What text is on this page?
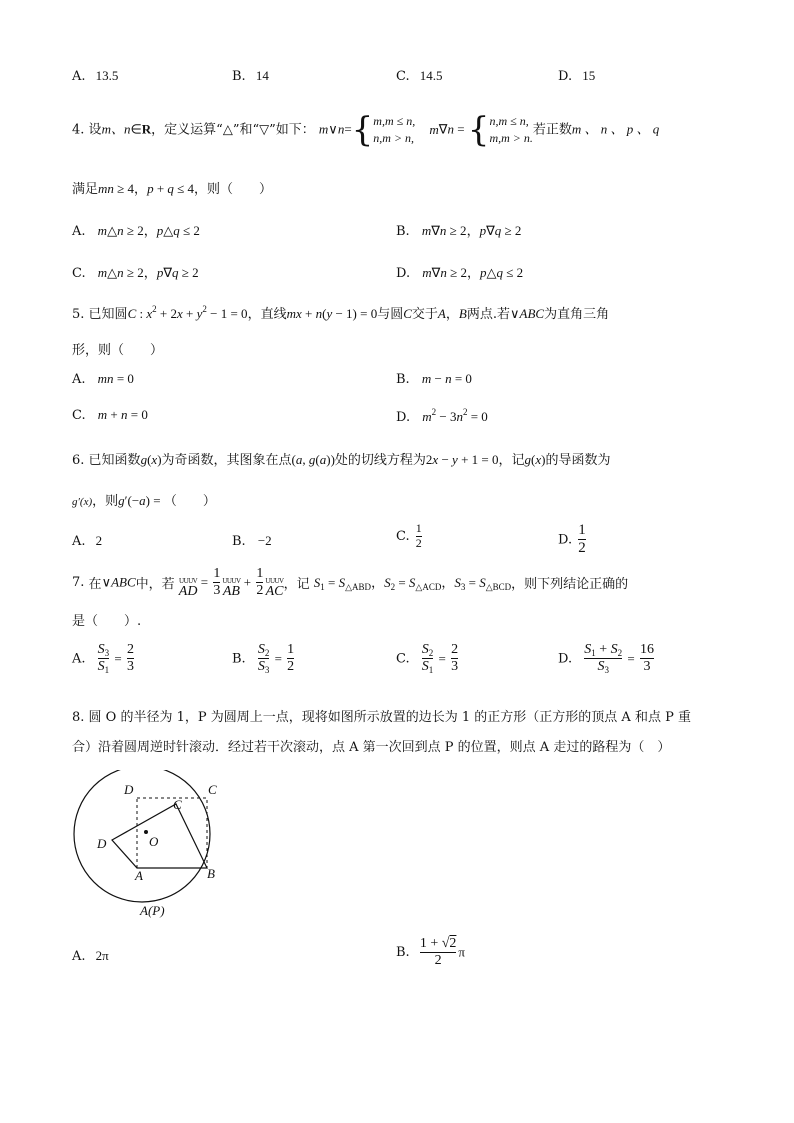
A. 13.5	B. 14	C. 14.5	D. 15
4. 设m、n∈R，定义运算“△”和“▽”如下： m∨n={ m,m ≤ n,
n,m > n,
m∇n = { n,m ≤ n,
m,m > n.
若正数m 、 n 、 p 、 q
满足mn ≥ 4，p + q ≤ 4，则（　　）
A. m△n ≥ 2，p△q ≤ 2	B. m∇n ≥ 2，p∇q ≥ 2
C. m△n ≥ 2，p∇q ≥ 2	D. m∇n ≥ 2，p△q ≤ 2
5. 已知圆C : $x^2 + 2x + y^2 - 1 = 0$，直线mx + n(y − 1) = 0与圆C交于A，B两点.若∨ABC为直角三角
形，则（　　）
A. mn = 0	B. m − n = 0
C. m + n = 0	D. $m^2 - 3n^2 = 0$
6. 已知函数g(x)为奇函数，其图象在点(a, g(a))处的切线方程为2x − y + 1 = 0，记g(x)的导函数为
g′(x)，则g′(−a) = （　　）
A. 2	B. −2	C. $\frac{1}{2}$	D. $\frac{1}{2}$
7. 在∨ABC中，若 UUUV
AD
= $\frac{1}{3}$ UUUV
AB
+ $\frac{1}{2}$ UUUV
AC ，记 $S_1 = S_{\triangle ABD}$，$S_2 = S_{\triangle ACD}$，$S_3 = S_{\triangle BCD}$，则下列结论正确的
是（　　）.
A. $\frac{S_3}{S_1} = \frac{2}{3}$	B. $\frac{S_2}{S_3} = \frac{1}{2}$	C. $\frac{S_2}{S_1} = \frac{2}{3}$	D. $\frac{S_1 + S_2}{S_3} = \frac{16}{3}$
8. 圆 O 的半径为 1，P 为圆周上一点，现将如图所示放置的边长为 1 的正方形（正方形的顶点 A 和点 P 重
合）沿着圆周逆时针滚动．经过若干次滚动，点 A 第一次回到点 P 的位置，则点 A 走过的路程为（　）
D
C
C
O
D
A	B
A(P)
A. 2π	B. $\frac{1 + √2}{2}$ π
